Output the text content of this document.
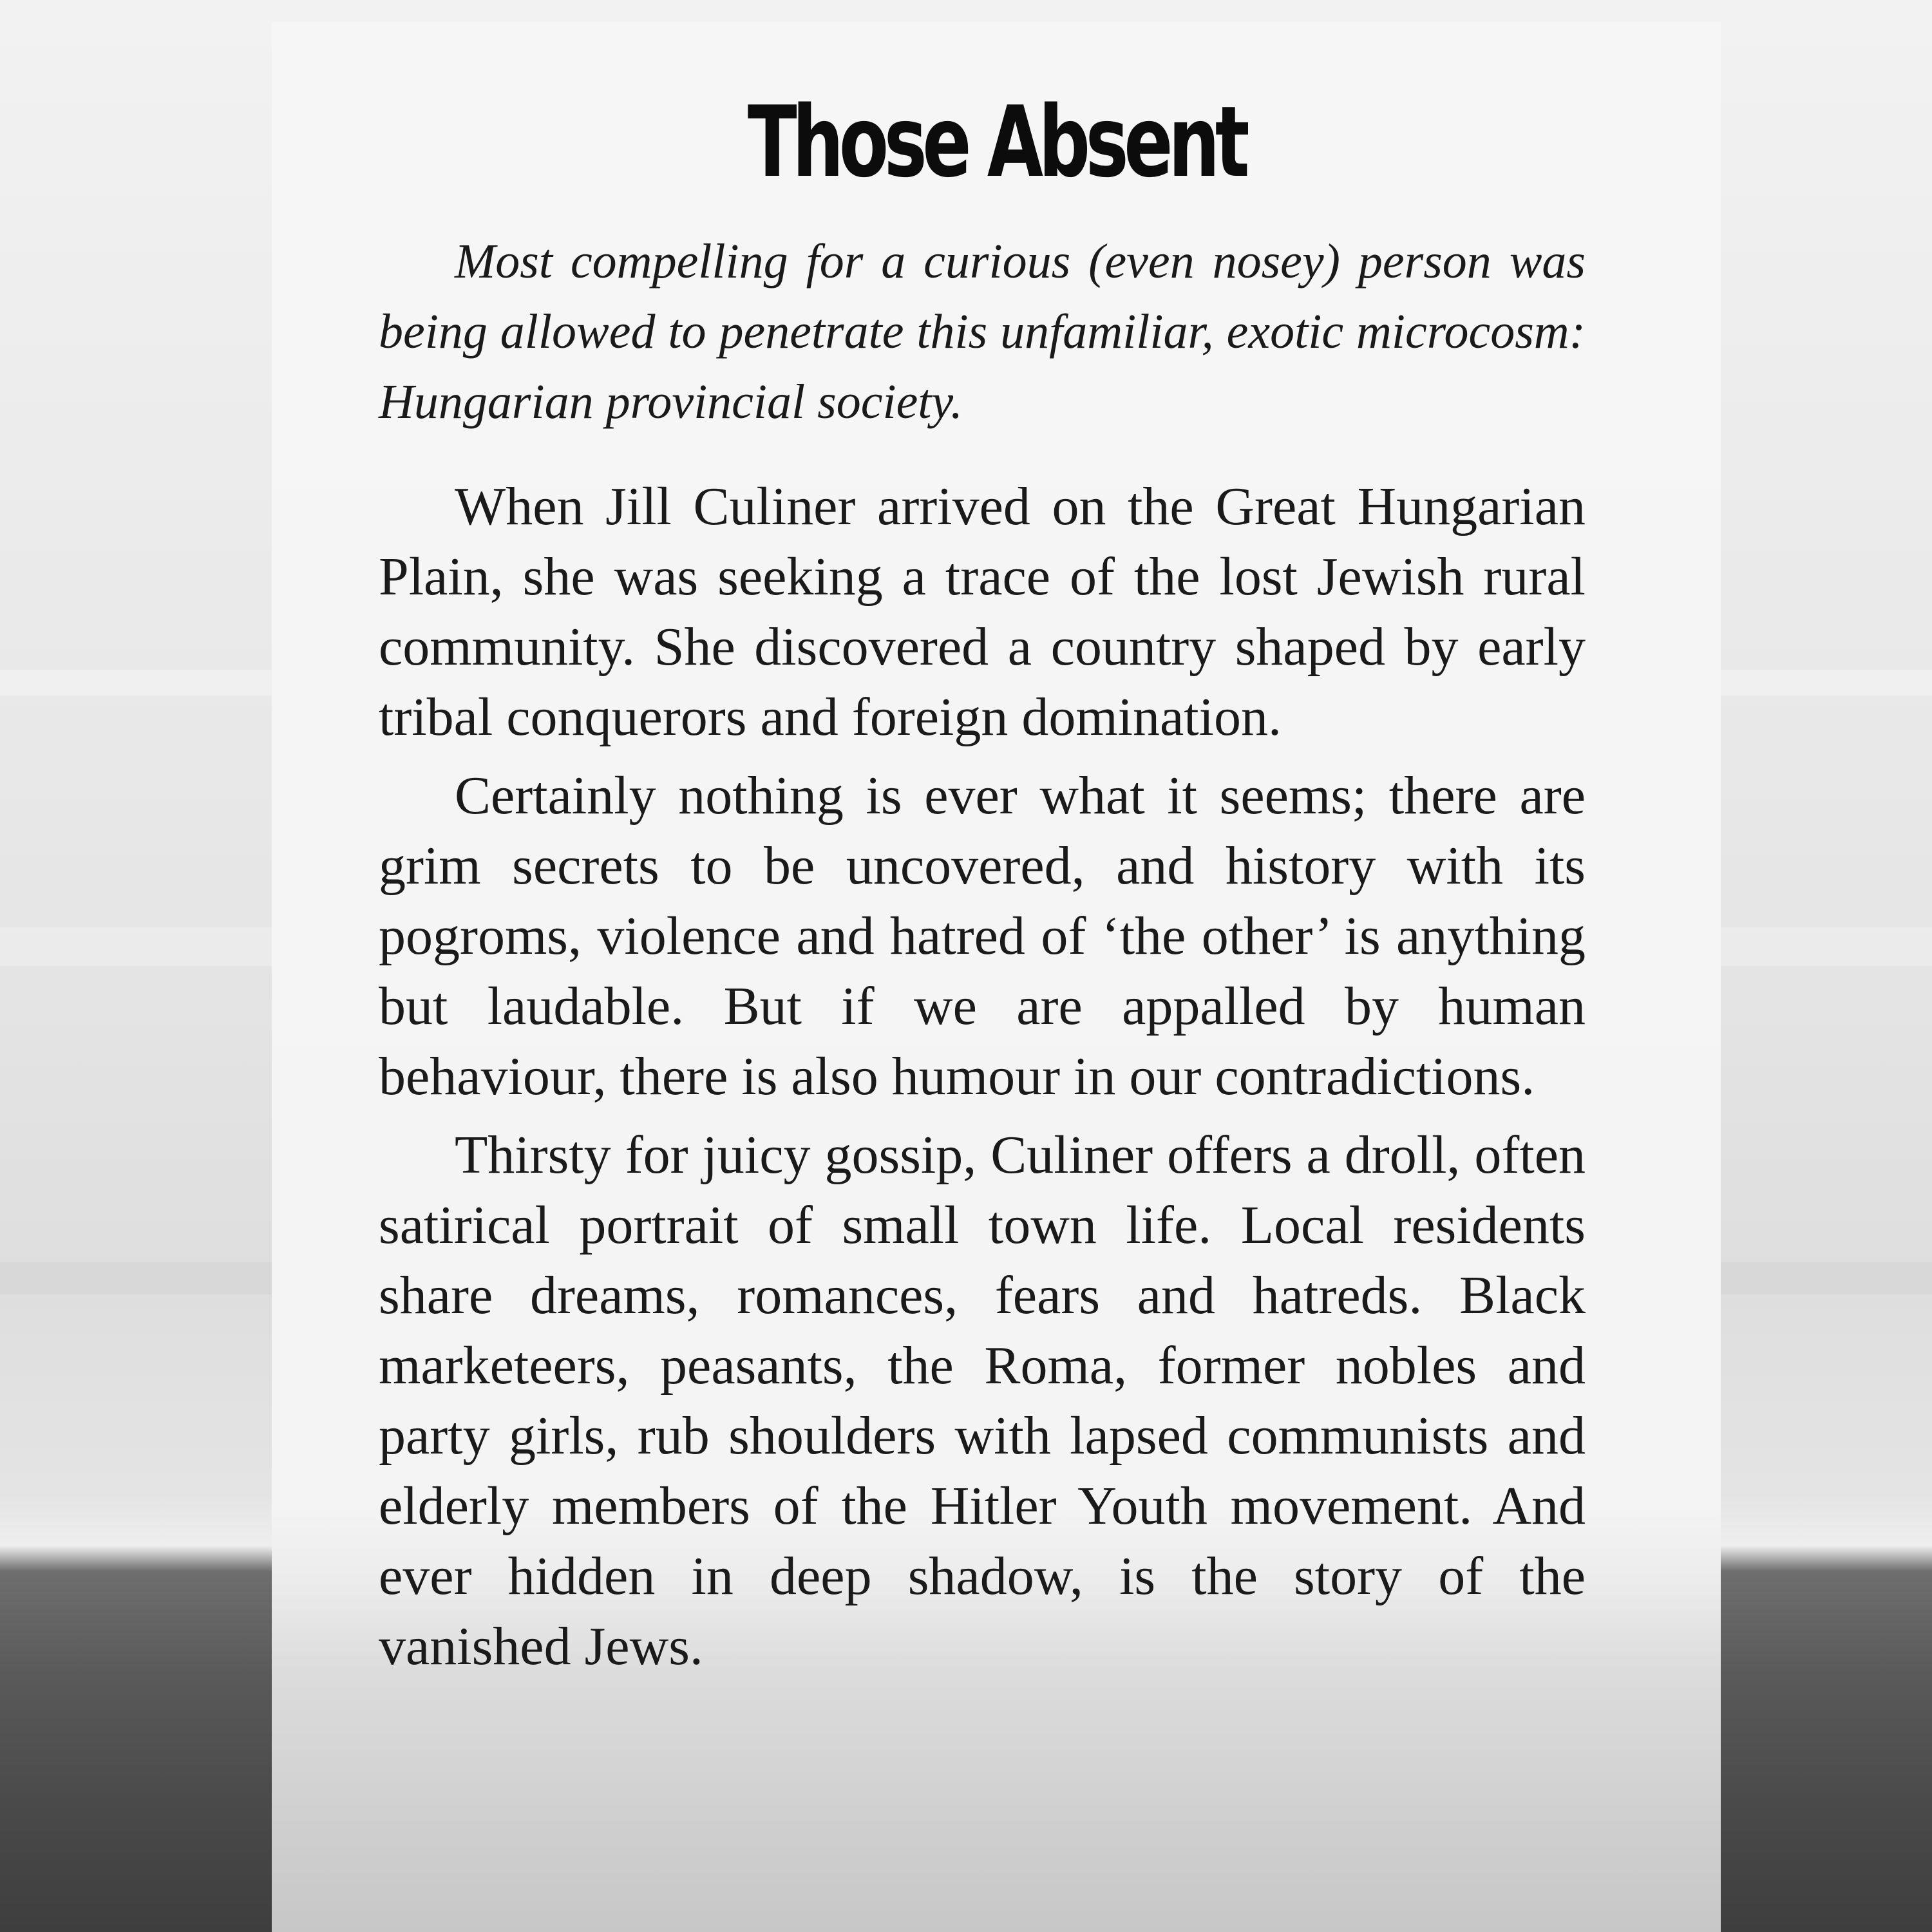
Those Absent

Most compelling for a curious (even nosey) person was being allowed to penetrate this unfamiliar, exotic microcosm: Hungarian provincial society.

When Jill Culiner arrived on the Great Hungarian Plain, she was seeking a trace of the lost Jewish rural community. She discovered a country shaped by early tribal conquerors and foreign domination.

Certainly nothing is ever what it seems; there are grim secrets to be uncovered, and history with its pogroms, violence and hatred of ‘the other’ is anything but laudable. But if we are appalled by human behaviour, there is also humour in our contradictions.

Thirsty for juicy gossip, Culiner offers a droll, often satirical portrait of small town life. Local residents share dreams, romances, fears and hatreds. Black marketeers, peasants, the Roma, former nobles and party girls, rub shoulders with lapsed communists and elderly members of the Hitler Youth movement. And ever hidden in deep shadow, is the story of the vanished Jews.
